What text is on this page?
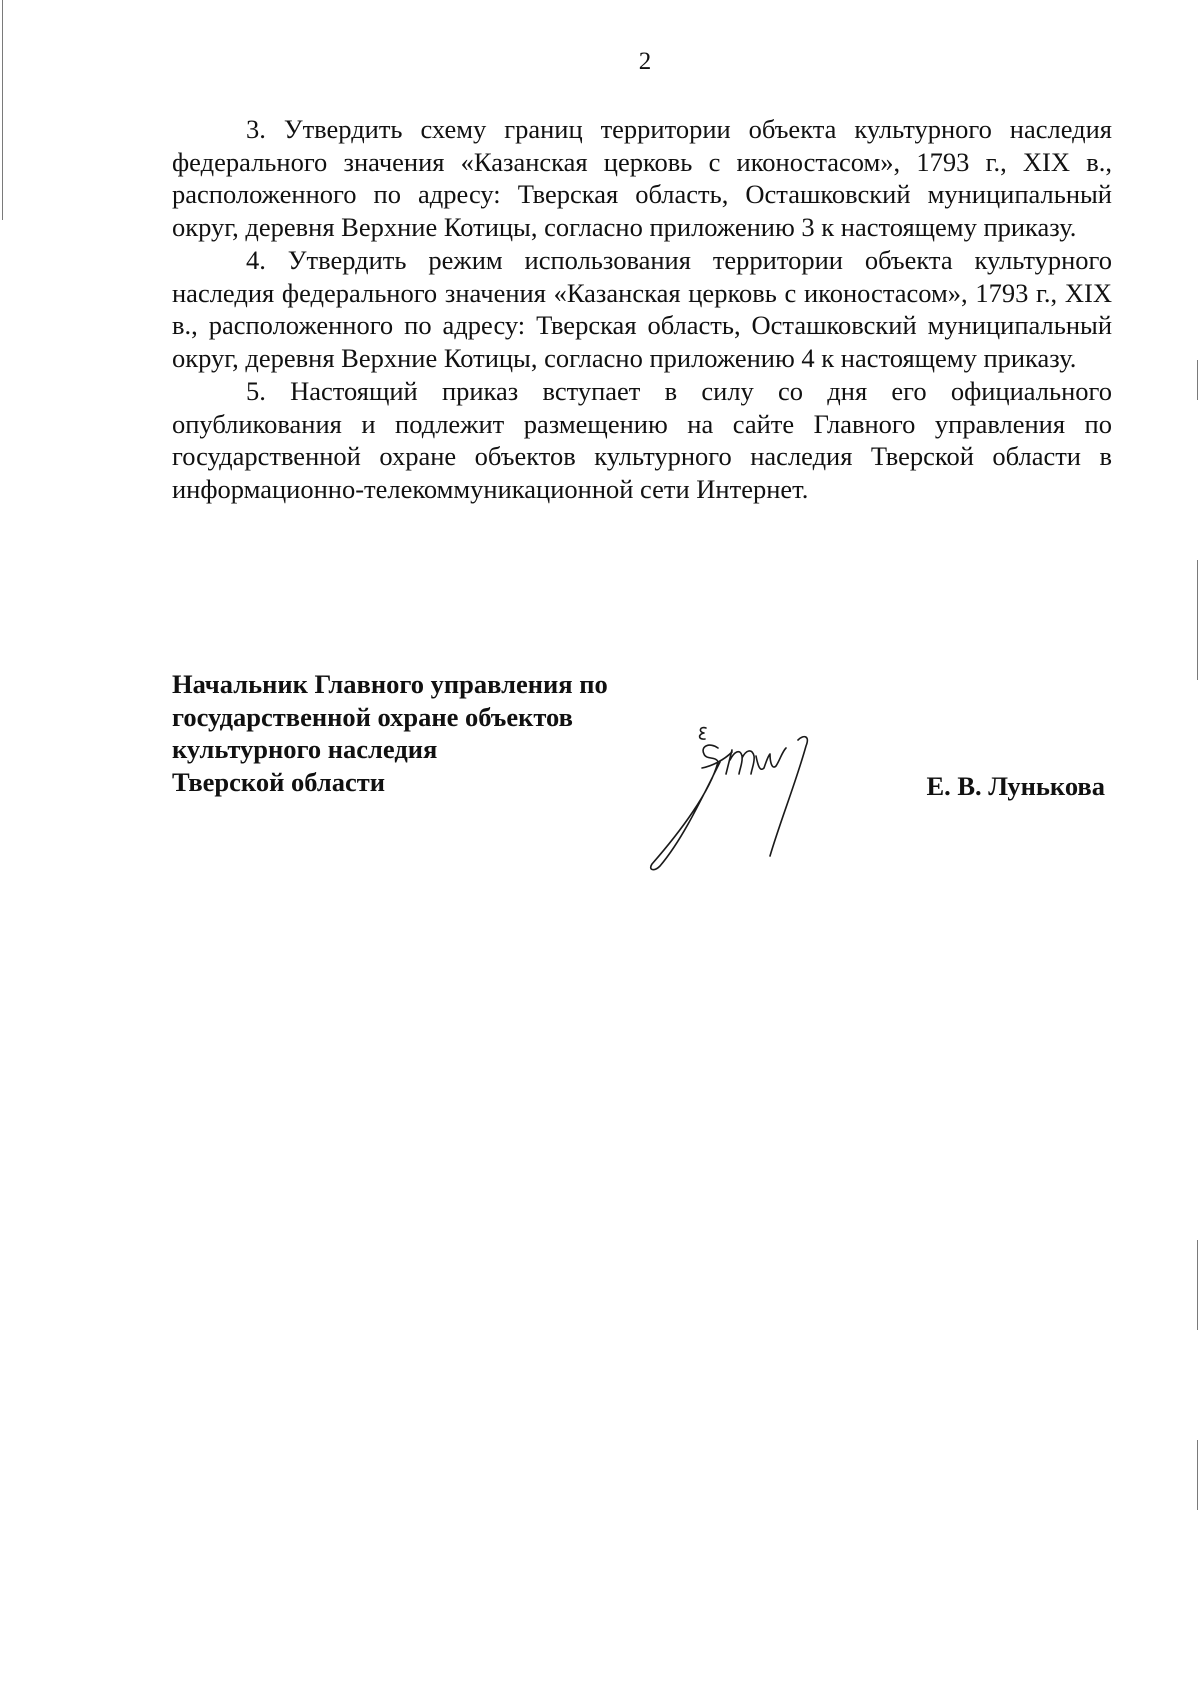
2

3. Утвердить схему границ территории объекта культурного наследия федерального значения «Казанская церковь с иконостасом», 1793 г., XIX в., расположенного по адресу: Тверская область, Осташковский муниципальный округ, деревня Верхние Котицы, согласно приложению 3 к настоящему приказу.

4. Утвердить режим использования территории объекта культурного наследия федерального значения «Казанская церковь с иконостасом», 1793 г., XIX в., расположенного по адресу: Тверская область, Осташковский муниципальный округ, деревня Верхние Котицы, согласно приложению 4 к настоящему приказу.

5. Настоящий приказ вступает в силу со дня его официального опубликования и подлежит размещению на сайте Главного управления по государственной охране объектов культурного наследия Тверской области в информационно-телекоммуникационной сети Интернет.

Начальник Главного управления по
государственной охране объектов
культурного наследия
Тверской области	Е. В. Лунькова
